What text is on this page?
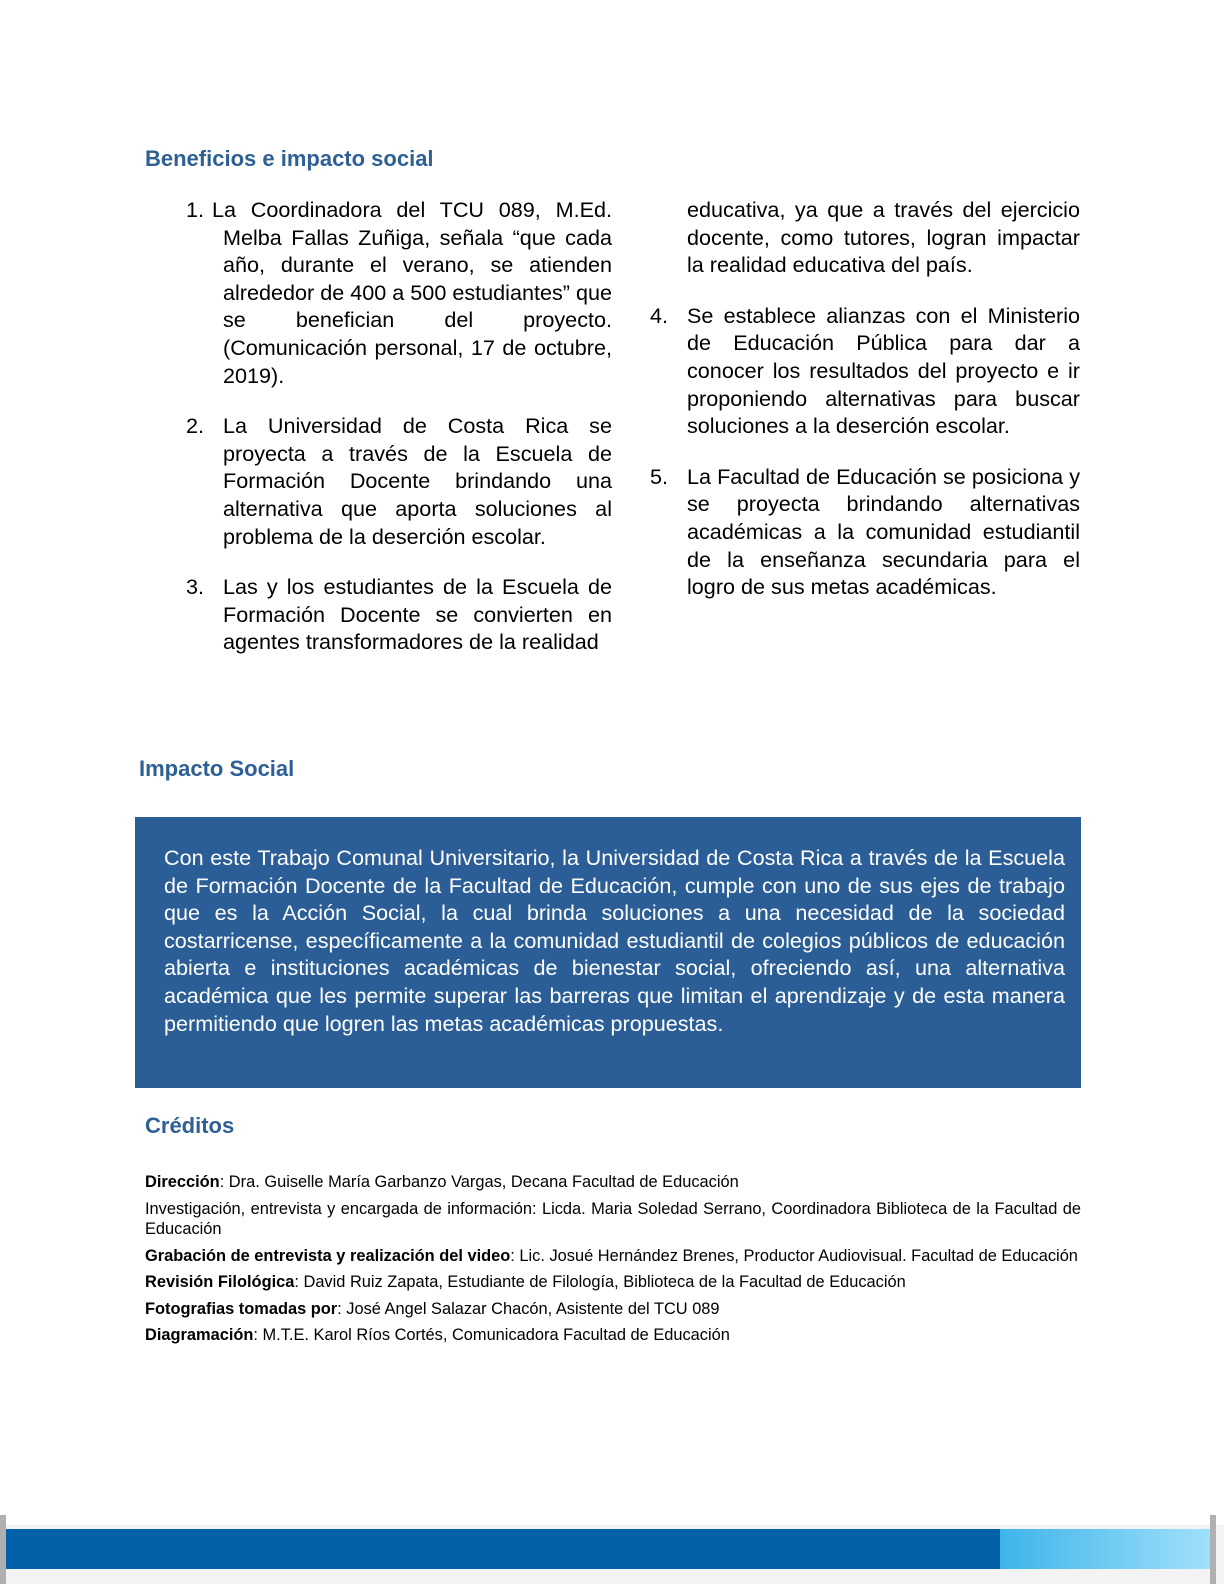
Beneficios e impacto social
1. La Coordinadora del TCU 089, M.Ed. Melba Fallas Zuñiga, señala “que cada año, durante el verano, se atienden alrededor de 400 a 500 estudiantes” que se benefician del proyecto. (Comunicación personal, 17 de octubre, 2019).
2. La Universidad de Costa Rica se proyecta a través de la Escuela de Formación Docente brindando una alternativa que aporta soluciones al problema de la deserción escolar.
3. Las y los estudiantes de la Escuela de Formación Docente se convierten en agentes transformadores de la realidad
educativa, ya que a través del ejercicio docente, como tutores, logran impactar la realidad educativa del país.
4. Se establece alianzas con el Ministerio de Educación Pública para dar a conocer los resultados del proyecto e ir proponiendo alternativas para buscar soluciones a la deserción escolar.
5. La Facultad de Educación se posiciona y se proyecta brindando alternativas académicas a la comunidad estudiantil de la enseñanza secundaria para el logro de sus metas académicas.
Impacto Social

Con este Trabajo Comunal Universitario, la Universidad de Costa Rica a través de la Escuela de Formación Docente de la Facultad de Educación, cumple con uno de sus ejes de trabajo que es la Acción Social, la cual brinda soluciones a una necesidad de la sociedad costarricense, específicamente a la comunidad estudiantil de colegios públicos de educación abierta e instituciones académicas de bienestar social, ofreciendo así, una alternativa académica que les permite superar las barreras que limitan el aprendizaje y de esta manera permitiendo que logren las metas académicas propuestas.

Créditos

Dirección: Dra. Guiselle María Garbanzo Vargas, Decana Facultad de Educación

Investigación, entrevista y encargada de información: Licda. Maria Soledad Serrano, Coordinadora Biblioteca de la Facultad de Educación

Grabación de entrevista y realización del video: Lic. Josué Hernández Brenes, Productor Audiovisual. Facultad de Educación

Revisión Filológica: David Ruiz Zapata, Estudiante de Filología, Biblioteca de la Facultad de Educación

Fotografias tomadas por: José Angel Salazar Chacón, Asistente del TCU 089

Diagramación: M.T.E. Karol Ríos Cortés, Comunicadora Facultad de Educación
